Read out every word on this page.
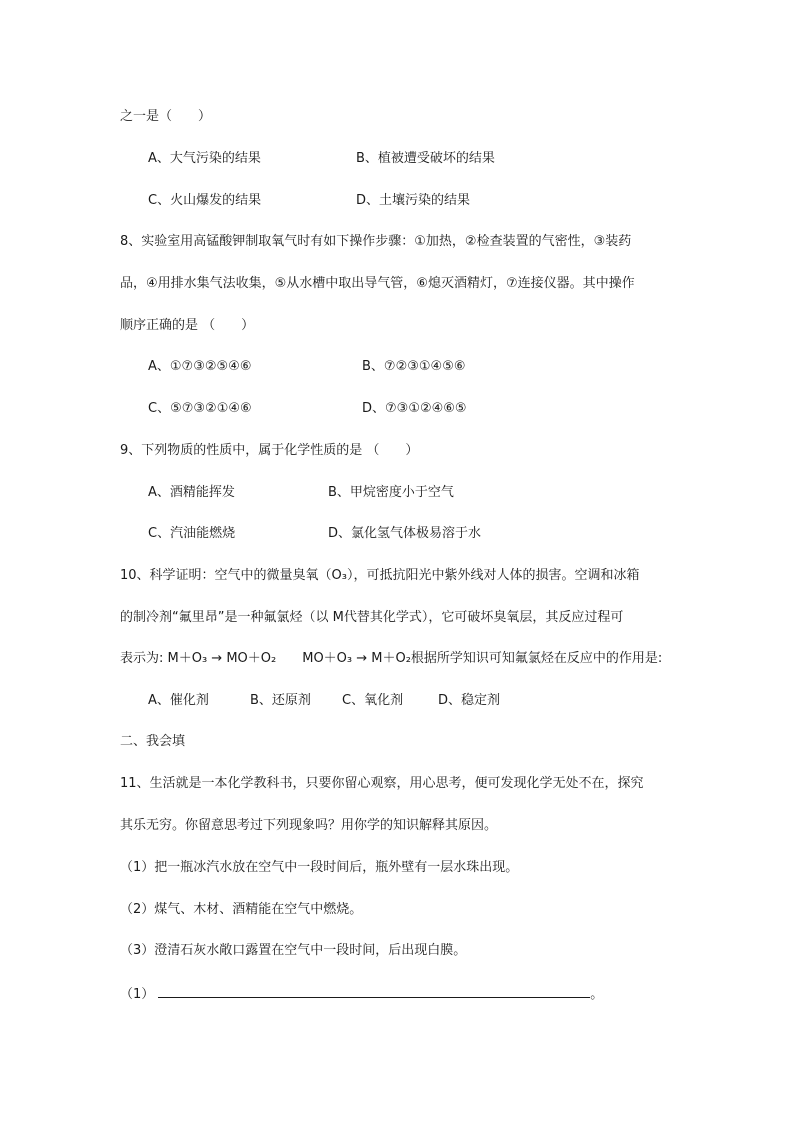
之一是（　　）
A、大气污染的结果	B、植被遭受破坏的结果
C、火山爆发的结果	D、土壤污染的结果
8、实验室用高锰酸钾制取氧气时有如下操作步骤：①加热，②检查装置的气密性，③装药
品，④用排水集气法收集，⑤从水槽中取出导气管，⑥熄灭酒精灯，⑦连接仪器。其中操作
顺序正确的是 （　　）
A、①⑦③②⑤④⑥	B、⑦②③①④⑤⑥
C、⑤⑦③②①④⑥	D、⑦③①②④⑥⑤
9、下列物质的性质中，属于化学性质的是 （　　）
A、酒精能挥发	B、甲烷密度小于空气
C、汽油能燃烧	D、氯化氢气体极易溶于水
10、科学证明：空气中的微量臭氧（O₃），可抵抗阳光中紫外线对人体的损害。空调和冰箱
的制冷剂“氟里昂”是一种氟氯烃（以 M代替其化学式），它可破坏臭氧层，其反应过程可
表示为: M＋O₃ → MO＋O₂　　MO＋O₃ → M＋O₂根据所学知识可知氟氯烃在反应中的作用是:
A、催化剂	B、还原剂 C、氧化剂	D、稳定剂
二、我会填
11、生活就是一本化学教科书，只要你留心观察，用心思考，便可发现化学无处不在，探究
其乐无穷。你留意思考过下列现象吗？用你学的知识解释其原因。
（1）把一瓶冰汽水放在空气中一段时间后，瓶外壁有一层水珠出现。
（2）煤气、木材、酒精能在空气中燃烧。
（3）澄清石灰水敞口露置在空气中一段时间，后出现白膜。
（1）	。
